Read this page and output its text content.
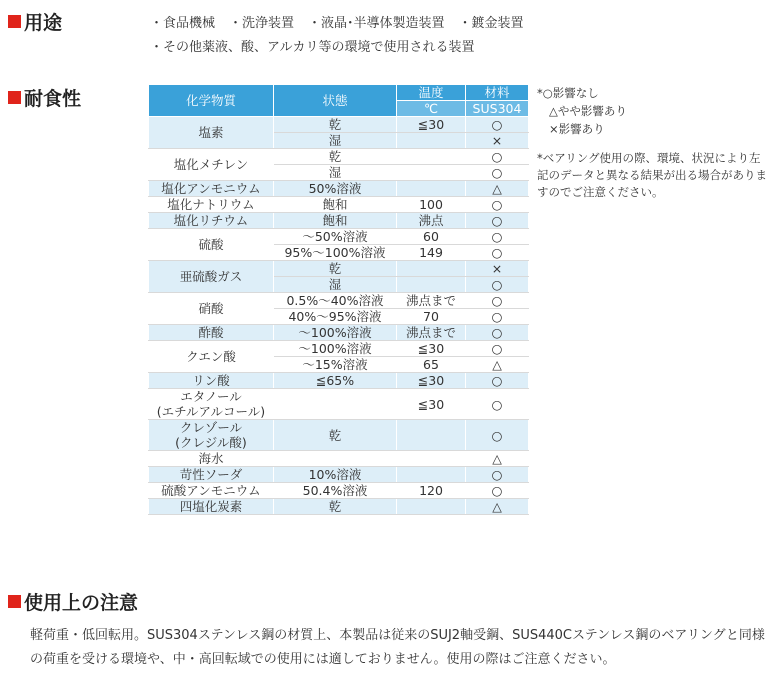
用途	・食品機械 ・洗浄装置 ・液晶･半導体製造装置 ・鍍金装置
・その他薬液、酸、アルカリ等の環境で使用される装置
耐食性	化学物質	状態	温度	材料
		℃	SUS304
塩素	乾	≦30	○
	湿		×
塩化メチレン	乾		○
	湿		○
塩化アンモニウム	50%溶液		△
塩化ナトリウム	飽和	100	○
塩化リチウム	飽和	沸点	○
硫酸	～50%溶液	60	○
	95%～100%溶液	149	○
亜硫酸ガス	乾		×
	湿		○
硝酸	0.5%～40%溶液	沸点まで	○
	40%～95%溶液	70	○
酢酸	～100%溶液	沸点まで	○
クエン酸	～100%溶液	≦30	○
	～15%溶液	65	△
リン酸	≦65%	≦30	○
エタノール
(エチルアルコール)		≦30	○
クレゾール
(クレジル酸)	乾		○
海水			△
苛性ソーダ	10%溶液		○
硫酸アンモニウム	50.4%溶液	120	○
四塩化炭素	乾		△
*○影響なし
△やや影響あり
×影響あり
*ベアリング使用の際、環境、状況により左記のデータと異なる結果が出る場合がありますのでご注意ください。
使用上の注意
軽荷重・低回転用。SUS304ステンレス鋼の材質上、本製品は従来のSUJ2軸受鋼、SUS440Cステンレス鋼のベアリングと同様の荷重を受ける環境や、中・高回転域での使用には適しておりません。使用の際はご注意ください。
